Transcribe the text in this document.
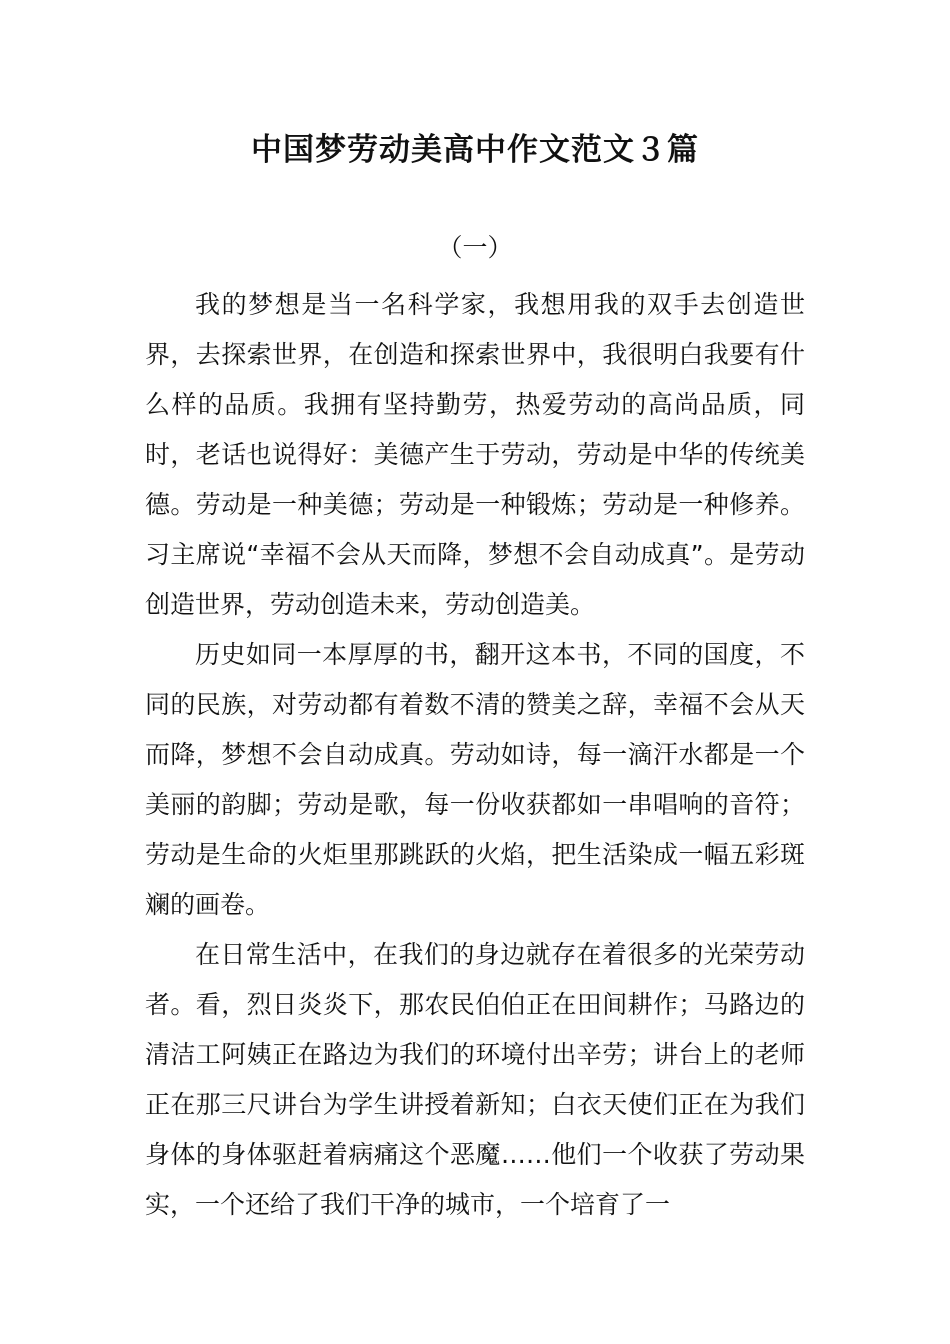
中国梦劳动美高中作文范文３篇
（一）

我的梦想是当一名科学家，我想用我的双手去创造世界，去探索世界，在创造和探索世界中，我很明白我要有什么样的品质。我拥有坚持勤劳，热爱劳动的高尚品质，同时，老话也说得好：美德产生于劳动，劳动是中华的传统美德。劳动是一种美德；劳动是一种锻炼；劳动是一种修养。习主席说“幸福不会从天而降，梦想不会自动成真”。是劳动创造世界，劳动创造未来，劳动创造美。

历史如同一本厚厚的书，翻开这本书，不同的国度，不同的民族，对劳动都有着数不清的赞美之辞，幸福不会从天而降，梦想不会自动成真。劳动如诗，每一滴汗水都是一个美丽的韵脚；劳动是歌，每一份收获都如一串唱响的音符；劳动是生命的火炬里那跳跃的火焰，把生活染成一幅五彩斑斓的画卷。

在日常生活中，在我们的身边就存在着很多的光荣劳动者。看，烈日炎炎下，那农民伯伯正在田间耕作；马路边的清洁工阿姨正在路边为我们的环境付出辛劳；讲台上的老师正在那三尺讲台为学生讲授着新知；白衣天使们正在为我们身体的身体驱赶着病痛这个恶魔……他们一个收获了劳动果实，一个还给了我们干净的城市，一个培育了一
